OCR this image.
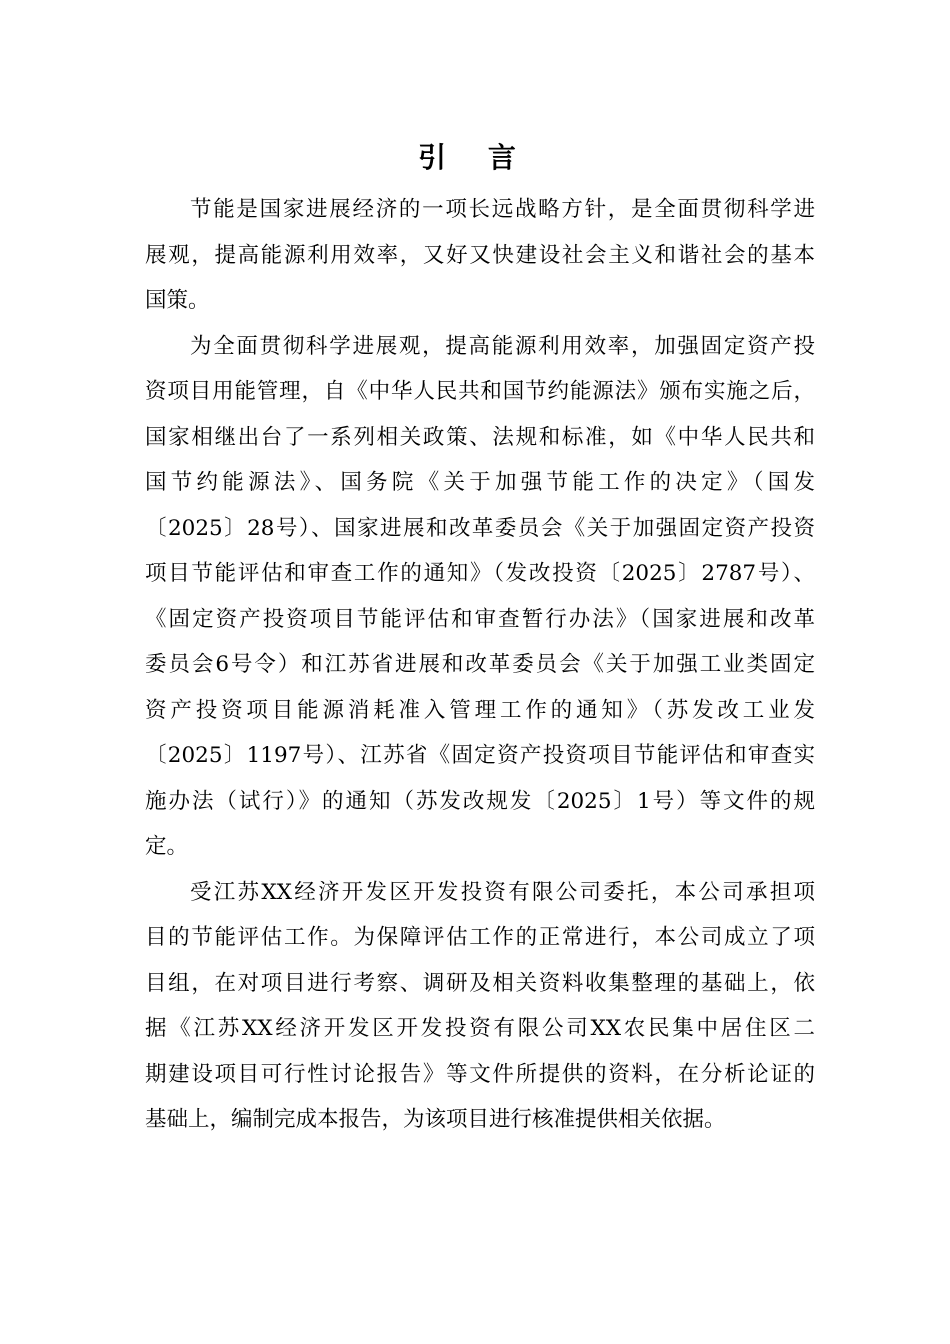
引 言
节能是国家进展经济的一项长远战略方针，是全面贯彻科学进
展观，提高能源利用效率，又好又快建设社会主义和谐社会的基本
国策。
为全面贯彻科学进展观，提高能源利用效率，加强固定资产投
资项目用能管理，自《中华人民共和国节约能源法》颁布实施之后，
国家相继出台了一系列相关政策、法规和标准，如《中华人民共和
国节约能源法》、国务院《关于加强节能工作的决定》（国发
〔2025〕28号）、国家进展和改革委员会《关于加强固定资产投资
项目节能评估和审查工作的通知》（发改投资〔2025〕2787号）、
《固定资产投资项目节能评估和审查暂行办法》（国家进展和改革
委员会6号令）和江苏省进展和改革委员会《关于加强工业类固定
资产投资项目能源消耗准入管理工作的通知》（苏发改工业发
〔2025〕1197号）、江苏省《固定资产投资项目节能评估和审查实
施办法（试行）》的通知（苏发改规发〔2025〕1号）等文件的规
定。
受江苏XX经济开发区开发投资有限公司委托，本公司承担项
目的节能评估工作。为保障评估工作的正常进行，本公司成立了项
目组，在对项目进行考察、调研及相关资料收集整理的基础上，依
据《江苏XX经济开发区开发投资有限公司XX农民集中居住区二
期建设项目可行性讨论报告》等文件所提供的资料，在分析论证的
基础上，编制完成本报告，为该项目进行核准提供相关依据。
